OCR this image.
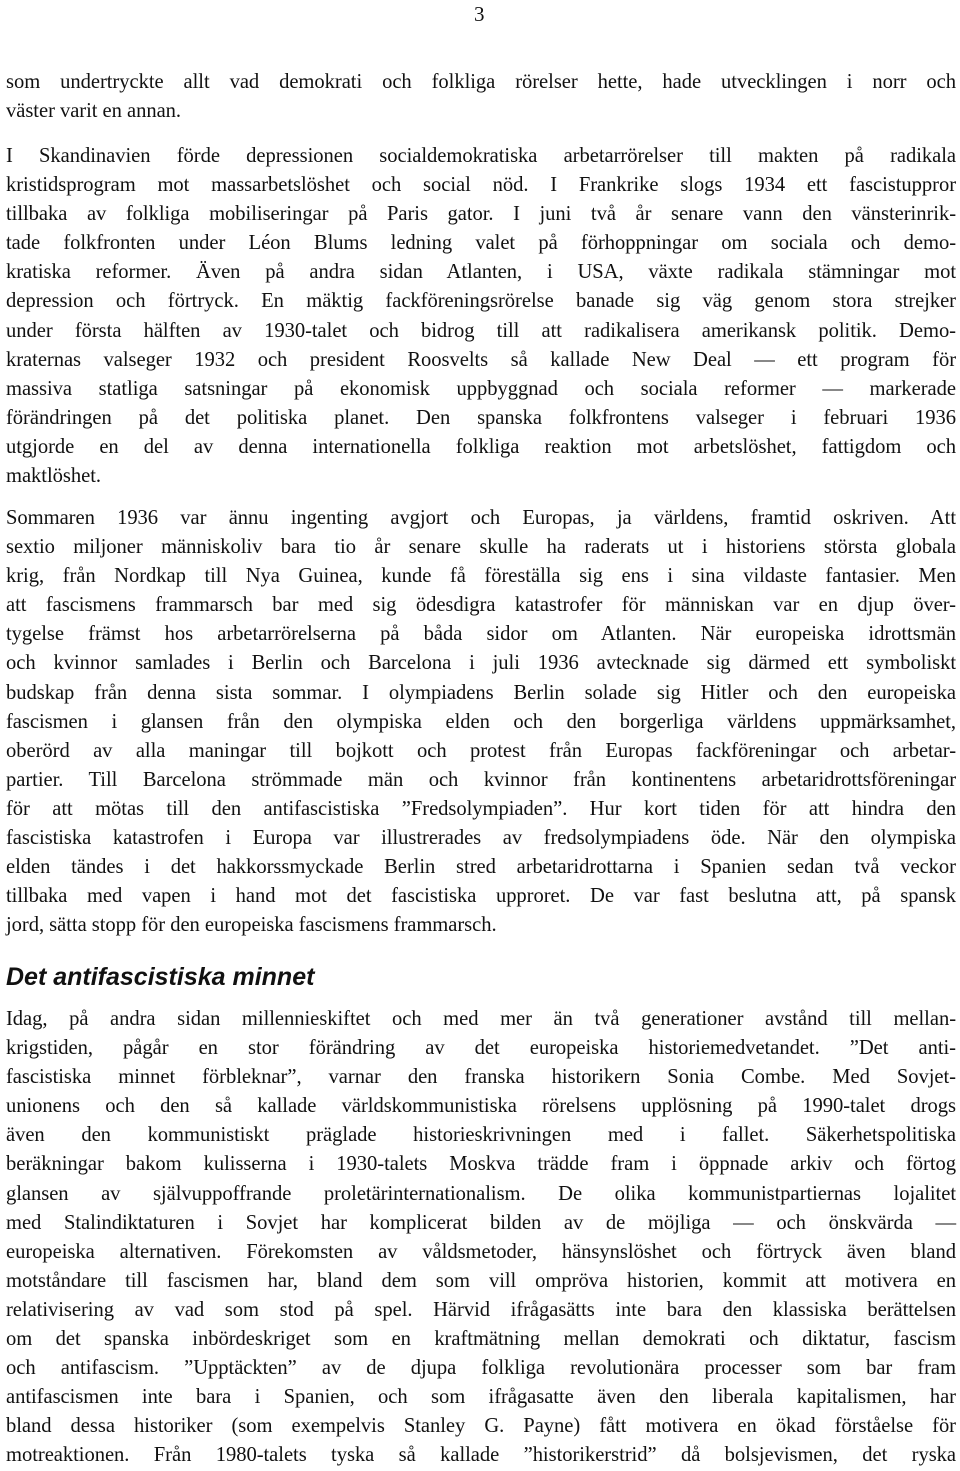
3

som undertryckte allt vad demokrati och folkliga rörelser hette, hade utvecklingen i norr och
väster varit en annan.

I Skandinavien förde depressionen socialdemokratiska arbetarrörelser till makten på radikala
kristidsprogram mot massarbetslöshet och social nöd. I Frankrike slogs 1934 ett fascistuppror
tillbaka av folkliga mobiliseringar på Paris gator. I juni två år senare vann den vänsterinrik-
tade folkfronten under Léon Blums ledning valet på förhoppningar om sociala och demo-
kratiska reformer. Även på andra sidan Atlanten, i USA, växte radikala stämningar mot
depression och förtryck. En mäktig fackföreningsrörelse banade sig väg genom stora strejker
under första hälften av 1930-talet och bidrog till att radikalisera amerikansk politik. Demo-
kraternas valseger 1932 och president Roosvelts så kallade New Deal — ett program för
massiva statliga satsningar på ekonomisk uppbyggnad och sociala reformer — markerade
förändringen på det politiska planet. Den spanska folkfrontens valseger i februari 1936
utgjorde en del av denna internationella folkliga reaktion mot arbetslöshet, fattigdom och
maktlöshet.

Sommaren 1936 var ännu ingenting avgjort och Europas, ja världens, framtid oskriven. Att
sextio miljoner människoliv bara tio år senare skulle ha raderats ut i historiens största globala
krig, från Nordkap till Nya Guinea, kunde få föreställa sig ens i sina vildaste fantasier. Men
att fascismens frammarsch bar med sig ödesdigra katastrofer för människan var en djup över-
tygelse främst hos arbetarrörelserna på båda sidor om Atlanten. När europeiska idrottsmän
och kvinnor samlades i Berlin och Barcelona i juli 1936 avtecknade sig därmed ett symboliskt
budskap från denna sista sommar. I olympiadens Berlin solade sig Hitler och den europeiska
fascismen i glansen från den olympiska elden och den borgerliga världens uppmärksamhet,
oberörd av alla maningar till bojkott och protest från Europas fackföreningar och arbetar-
partier. Till Barcelona strömmade män och kvinnor från kontinentens arbetaridrottsföreningar
för att mötas till den antifascistiska ”Fredsolympiaden”. Hur kort tiden för att hindra den
fascistiska katastrofen i Europa var illustrerades av fredsolympiadens öde. När den olympiska
elden tändes i det hakkorssmyckade Berlin stred arbetaridrottarna i Spanien sedan två veckor
tillbaka med vapen i hand mot det fascistiska upproret. De var fast beslutna att, på spansk
jord, sätta stopp för den europeiska fascismens frammarsch.

Det antifascistiska minnet

Idag, på andra sidan millennieskiftet och med mer än två generationer avstånd till mellan-
krigstiden, pågår en stor förändring av det europeiska historiemedvetandet. ”Det anti-
fascistiska minnet förbleknar”, varnar den franska historikern Sonia Combe. Med Sovjet-
unionens och den så kallade världskommunistiska rörelsens upplösning på 1990-talet drogs
även den kommunistiskt präglade historieskrivningen med i fallet. Säkerhetspolitiska
beräkningar bakom kulisserna i 1930-talets Moskva trädde fram i öppnade arkiv och förtog
glansen av självuppoffrande proletärinternationalism. De olika kommunistpartiernas lojalitet
med Stalindiktaturen i Sovjet har komplicerat bilden av de möjliga — och önskvärda —
europeiska alternativen. Förekomsten av våldsmetoder, hänsynslöshet och förtryck även bland
motståndare till fascismen har, bland dem som vill ompröva historien, kommit att motivera en
relativisering av vad som stod på spel. Härvid ifrågasätts inte bara den klassiska berättelsen
om det spanska inbördeskriget som en kraftmätning mellan demokrati och diktatur, fascism
och antifascism. ”Upptäckten” av de djupa folkliga revolutionära processer som bar fram
antifascismen inte bara i Spanien, och som ifrågasatte även den liberala kapitalismen, har
bland dessa historiker (som exempelvis Stanley G. Payne) fått motivera en ökad förståelse för
motreaktionen. Från 1980-talets tyska så kallade ”historikerstrid” då bolsjevismen, det ryska
